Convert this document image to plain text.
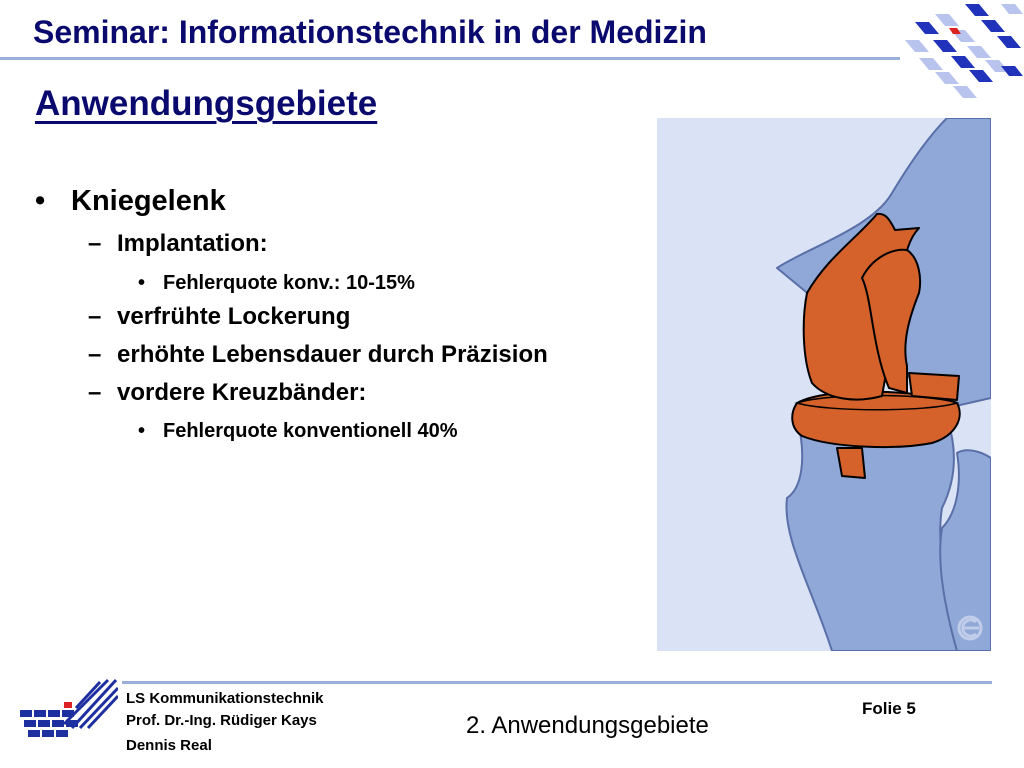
Seminar: Informationstechnik in der Medizin
Anwendungsgebiete
• Kniegelenk
– Implantation:
• Fehlerquote konv.: 10-15%
– verfrühte Lockerung
– erhöhte Lebensdauer durch Präzision
– vordere Kreuzbänder:
• Fehlerquote konventionell 40%
LS Kommunikationstechnik
Prof. Dr.-Ing. Rüdiger Kays
Dennis Real
2. Anwendungsgebiete
Folie 5
